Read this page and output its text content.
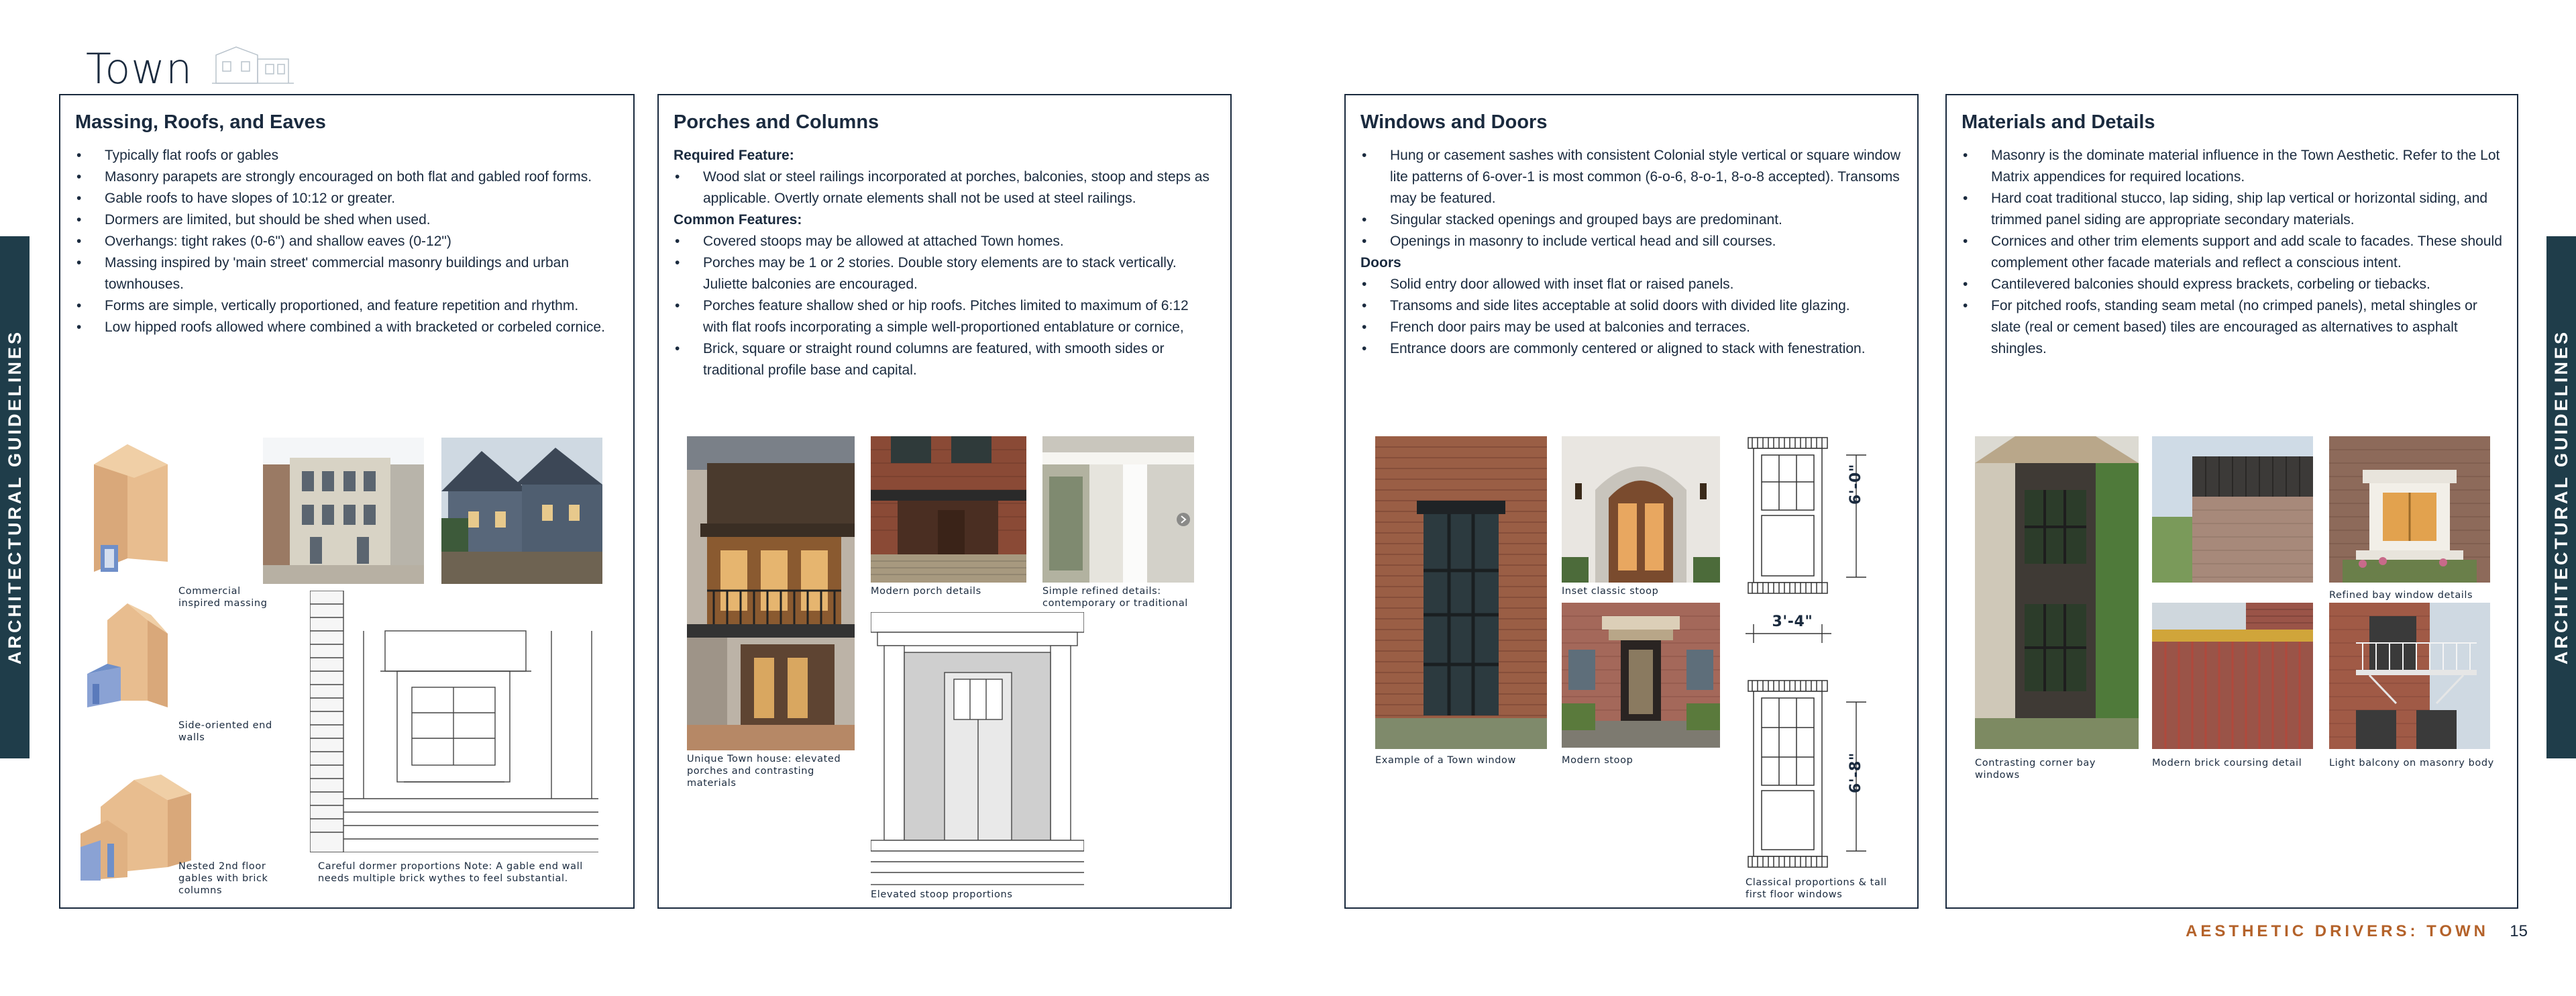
Town
ARCHITECTURAL GUIDELINES	ARCHITECTURAL GUIDELINES
Massing, Roofs, and Eaves
• Typically flat roofs or gables
• Masonry parapets are strongly encouraged on both flat and gabled roof forms.
• Gable roofs to have slopes of 10:12 or greater.
• Dormers are limited, but should be shed when used.
• Overhangs: tight rakes (0-6") and shallow eaves (0-12")
• Massing inspired by 'main street' commercial masonry buildings and urban townhouses.
• Forms are simple, vertically proportioned, and feature repetition and rhythm.
• Low hipped roofs allowed where combined a with bracketed or corbeled cornice.
Commercial inspired massing
Side-oriented end walls
Nested 2nd floor gables with brick columns
Careful dormer proportions Note: A gable end wall needs multiple brick wythes to feel substantial.
Porches and Columns
Required Feature:
• Wood slat or steel railings incorporated at porches, balconies, stoop and steps as applicable. Overtly ornate elements shall not be used at steel railings.
Common Features:
• Covered stoops may be allowed at attached Town homes.
• Porches may be 1 or 2 stories. Double story elements are to stack vertically. Juliette balconies are encouraged.
• Porches feature shallow shed or hip roofs. Pitches limited to maximum of 6:12 with flat roofs incorporating a simple well-proportioned entablature or cornice,
• Brick, square or straight round columns are featured, with smooth sides or traditional profile base and capital.
Unique Town house: elevated porches and contrasting materials
Modern porch details	Simple refined details: contemporary or traditional
Elevated stoop proportions
Windows and Doors
• Hung or casement sashes with consistent Colonial style vertical or square window lite patterns of 6-over-1 is most common (6-o-6, 8-o-1, 8-o-8 accepted). Transoms may be featured.
• Singular stacked openings and grouped bays are predominant.
• Openings in masonry to include vertical head and sill courses.
Doors
• Solid entry door allowed with inset flat or raised panels.
• Transoms and side lites acceptable at solid doors with divided lite glazing.
• French door pairs may be used at balconies and terraces.
• Entrance doors are commonly centered or aligned to stack with fenestration.
Example of a Town window
Inset classic stoop
Modern stoop
6'-0"
3'-4"
6'-8"
Classical proportions & tall first floor windows
Materials and Details
• Masonry is the dominate material influence in the Town Aesthetic. Refer to the Lot Matrix appendices for required locations.
• Hard coat traditional stucco, lap siding, ship lap vertical or horizontal siding, and trimmed panel siding are appropriate secondary materials.
• Cornices and other trim elements support and add scale to facades. These should complement other facade materials and reflect a conscious intent.
• Cantilevered balconies should express brackets, corbeling or tiebacks.
• For pitched roofs, standing seam metal (no crimped panels), metal shingles or slate (real or cement based) tiles are encouraged as alternatives to asphalt shingles.
Contrasting corner bay windows
Refined bay window details
Modern brick coursing detail	Light balcony on masonry body
AESTHETIC DRIVERS: TOWN 15
